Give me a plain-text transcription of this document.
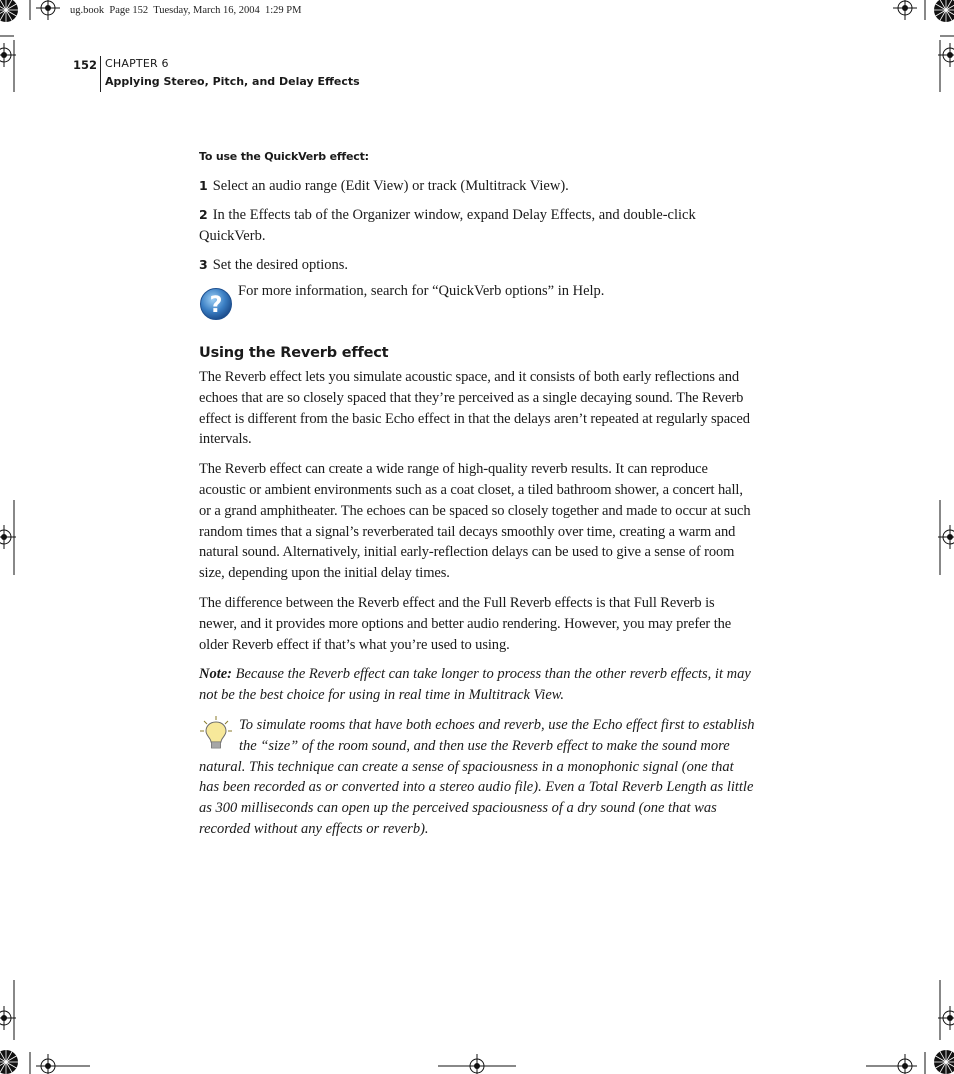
ug.book  Page 152  Tuesday, March 16, 2004  1:29 PM
152 CHAPTER 6
Applying Stereo, Pitch, and Delay Effects
To use the QuickVerb effect:
1 Select an audio range (Edit View) or track (Multitrack View).
2 In the Effects tab of the Organizer window, expand Delay Effects, and double-click QuickVerb.
3 Set the desired options.
?
For more information, search for “QuickVerb options” in Help.
Using the Reverb effect

The Reverb effect lets you simulate acoustic space, and it consists of both early reflections and echoes that are so closely spaced that they’re perceived as a single decaying sound. The Reverb effect is different from the basic Echo effect in that the delays aren’t repeated at regularly spaced intervals.

The Reverb effect can create a wide range of high-quality reverb results. It can reproduce acoustic or ambient environments such as a coat closet, a tiled bathroom shower, a concert hall, or a grand amphitheater. The echoes can be spaced so closely together and made to occur at such random times that a signal’s reverberated tail decays smoothly over time, creating a warm and natural sound. Alternatively, initial early-reflection delays can be used to give a sense of room size, depending upon the initial delay times.

The difference between the Reverb effect and the Full Reverb effects is that Full Reverb is newer, and it provides more options and better audio rendering. However, you may prefer the older Reverb effect if that’s what you’re used to using.

Note: Because the Reverb effect can take longer to process than the other reverb effects, it may not be the best choice for using in real time in Multitrack View.

To simulate rooms that have both echoes and reverb, use the Echo effect first to establish the “size” of the room sound, and then use the Reverb effect to make the sound more natural. This technique can create a sense of spaciousness in a monophonic signal (one that has been recorded as or converted into a stereo audio file). Even a Total Reverb Length as little as 300 milliseconds can open up the perceived spaciousness of a dry sound (one that was recorded without any effects or reverb).
